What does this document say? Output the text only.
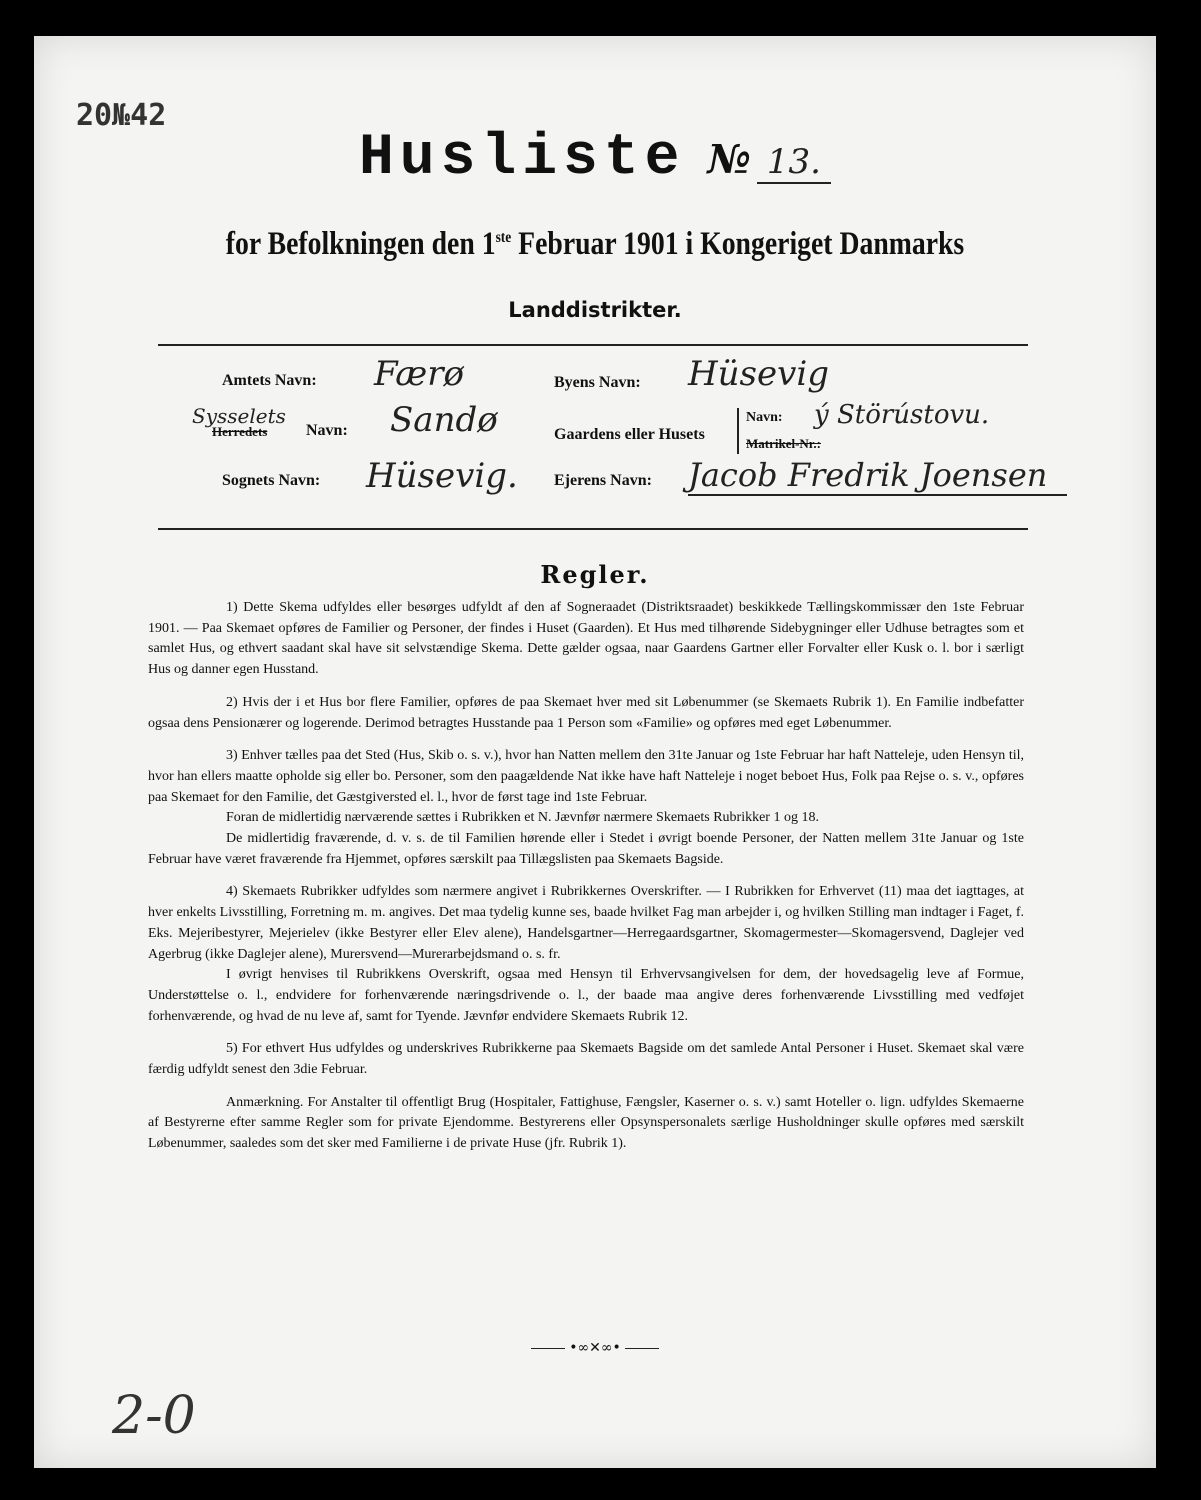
20№42
Husliste № 13.
for Befolkningen den 1ste Februar 1901 i Kongeriget Danmarks
Landdistrikter.
Amtets Navn: Færø
Sysselets
Herredets Navn: Sandø
Sognets Navn: Hüsevig.
Byens Navn: Hüsevig
Gaardens eller Husets
Navn: ý Störústovu.
Matrikel-Nr.:
Ejerens Navn: Jacob Fredrik Joensen
Regler.

1) Dette Skema udfyldes eller besørges udfyldt af den af Sogneraadet (Distriktsraadet) beskikkede Tællingskommissær den 1ste Februar 1901. — Paa Skemaet opføres de Familier og Personer, der findes i Huset (Gaarden). Et Hus med tilhørende Sidebygninger eller Udhuse betragtes som et samlet Hus, og ethvert saadant skal have sit selvstændige Skema. Dette gælder ogsaa, naar Gaardens Gartner eller Forvalter eller Kusk o. l. bor i særligt Hus og danner egen Husstand.

2) Hvis der i et Hus bor flere Familier, opføres de paa Skemaet hver med sit Løbenummer (se Skemaets Rubrik 1). En Familie indbefatter ogsaa dens Pensionærer og logerende. Derimod betragtes Husstande paa 1 Person som «Familie» og opføres med eget Løbenummer.

3) Enhver tælles paa det Sted (Hus, Skib o. s. v.), hvor han Natten mellem den 31te Januar og 1ste Februar har haft Natteleje, uden Hensyn til, hvor han ellers maatte opholde sig eller bo. Personer, som den paagældende Nat ikke have haft Natteleje i noget beboet Hus, Folk paa Rejse o. s. v., opføres paa Skemaet for den Familie, det Gæstgiversted el. l., hvor de først tage ind 1ste Februar.

Foran de midlertidig nærværende sættes i Rubrikken et N. Jævnfør nærmere Skemaets Rubrikker 1 og 18.

De midlertidig fraværende, d. v. s. de til Familien hørende eller i Stedet i øvrigt boende Personer, der Natten mellem 31te Januar og 1ste Februar have været fraværende fra Hjemmet, opføres særskilt paa Tillægslisten paa Skemaets Bagside.

4) Skemaets Rubrikker udfyldes som nærmere angivet i Rubrikkernes Overskrifter. — I Rubrikken for Erhvervet (11) maa det iagttages, at hver enkelts Livsstilling, Forretning m. m. angives. Det maa tydelig kunne ses, baade hvilket Fag man arbejder i, og hvilken Stilling man indtager i Faget, f. Eks. Mejeribestyrer, Mejerielev (ikke Bestyrer eller Elev alene), Handelsgartner—Herregaardsgartner, Skomagermester—Skomagersvend, Daglejer ved Agerbrug (ikke Daglejer alene), Murersvend—Murerarbejdsmand o. s. fr.

I øvrigt henvises til Rubrikkens Overskrift, ogsaa med Hensyn til Erhvervsangivelsen for dem, der hovedsagelig leve af Formue, Understøttelse o. l., endvidere for forhenværende næringsdrivende o. l., der baade maa angive deres forhenværende Livsstilling med vedføjet forhenværende, og hvad de nu leve af, samt for Tyende. Jævnfør endvidere Skemaets Rubrik 12.

5) For ethvert Hus udfyldes og underskrives Rubrikkerne paa Skemaets Bagside om det samlede Antal Personer i Huset. Skemaet skal være færdig udfyldt senest den 3die Februar.

Anmærkning. For Anstalter til offentligt Brug (Hospitaler, Fattighuse, Fængsler, Kaserner o. s. v.) samt Hoteller o. lign. udfyldes Skemaerne af Bestyrerne efter samme Regler som for private Ejendomme. Bestyrerens eller Opsynspersonalets særlige Husholdninger skulle opføres med særskilt Løbenummer, saaledes som det sker med Familierne i de private Huse (jfr. Rubrik 1).

•∞✕∞•
2-0
